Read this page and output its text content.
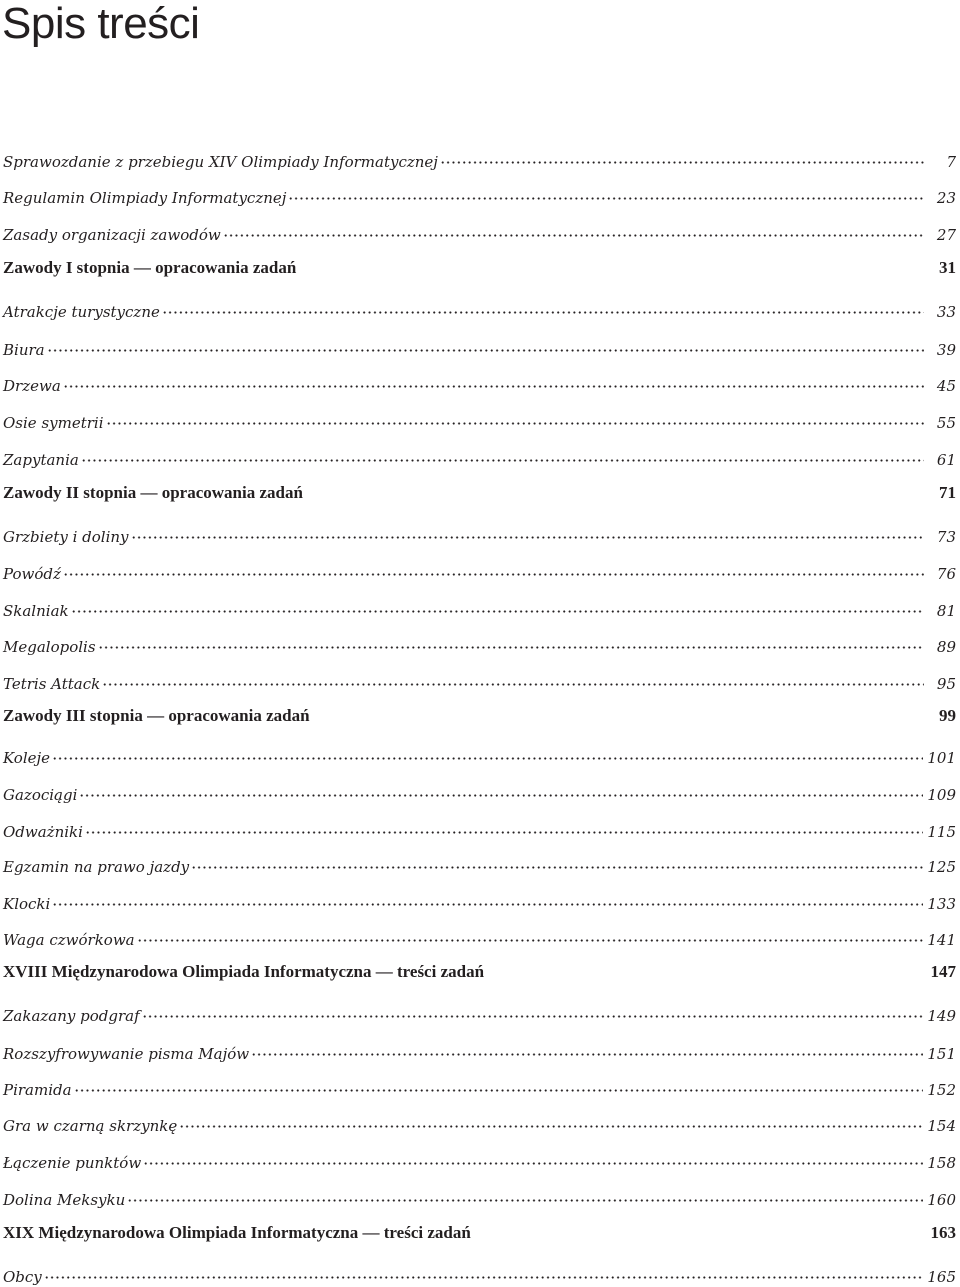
Spis treści
Sprawozdanie z przebiegu XIV Olimpiady Informatycznej	7
Regulamin Olimpiady Informatycznej	23
Zasady organizacji zawodów	27
Zawody I stopnia — opracowania zadań	31
Atrakcje turystyczne	33
Biura	39
Drzewa	45
Osie symetrii	55
Zapytania	61
Zawody II stopnia — opracowania zadań	71
Grzbiety i doliny	73
Powódź	76
Skalniak	81
Megalopolis	89
Tetris Attack	95
Zawody III stopnia — opracowania zadań	99
Koleje	101
Gazociągi	109
Odważniki	115
Egzamin na prawo jazdy	125
Klocki	133
Waga czwórkowa	141
XVIII Międzynarodowa Olimpiada Informatyczna — treści zadań	147
Zakazany podgraf	149
Rozszyfrowywanie pisma Majów	151
Piramida	152
Gra w czarną skrzynkę	154
Łączenie punktów	158
Dolina Meksyku	160
XIX Międzynarodowa Olimpiada Informatyczna — treści zadań	163
Obcy	165
